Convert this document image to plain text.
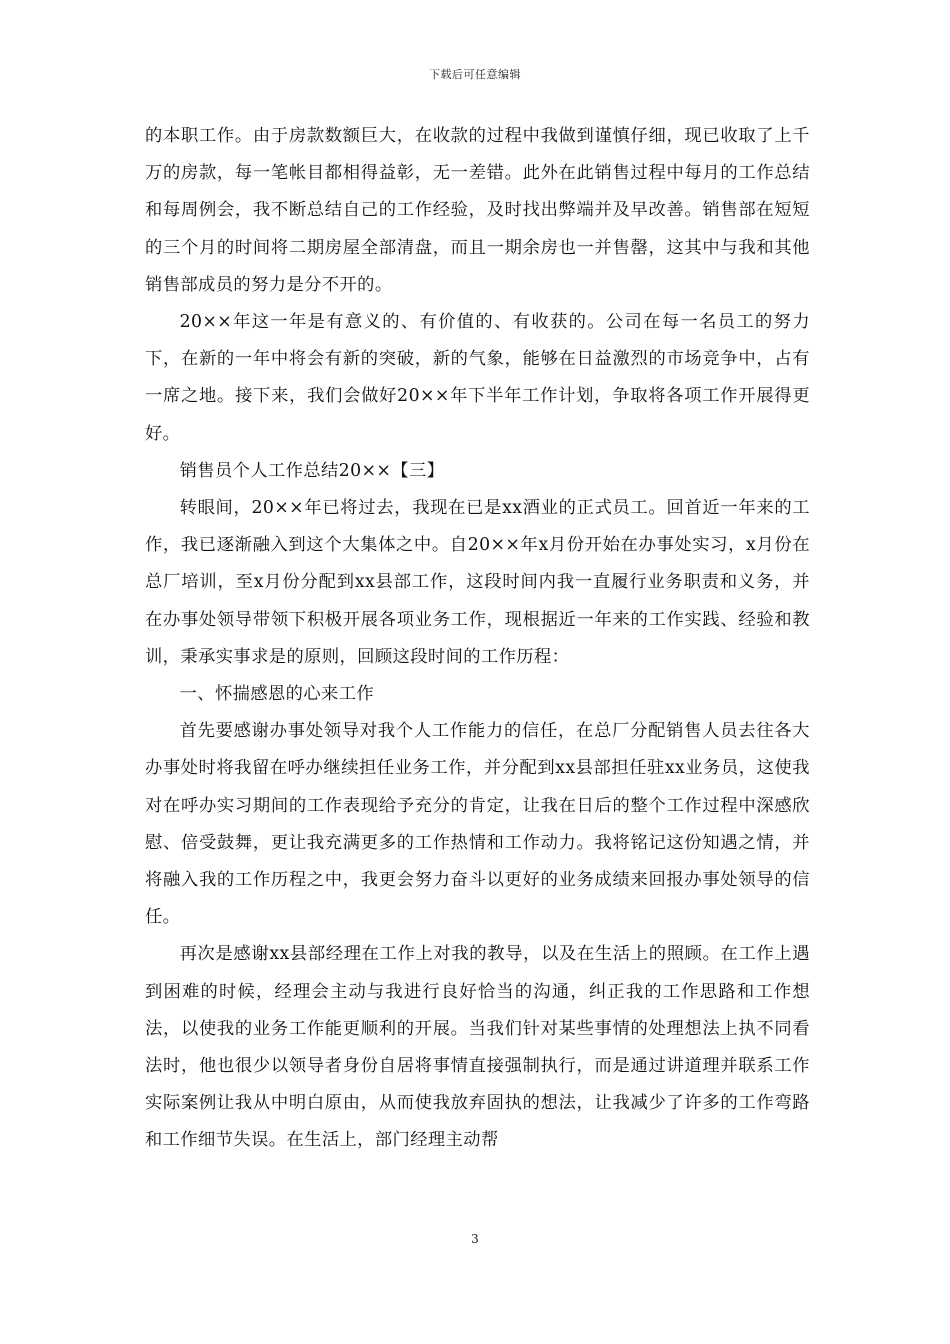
下载后可任意编辑

的本职工作。由于房款数额巨大，在收款的过程中我做到谨慎仔细，现已收取了上千万的房款，每一笔帐目都相得益彰，无一差错。此外在此销售过程中每月的工作总结和每周例会，我不断总结自己的工作经验，及时找出弊端并及早改善。销售部在短短的三个月的时间将二期房屋全部清盘，而且一期余房也一并售罄，这其中与我和其他销售部成员的努力是分不开的。

20××年这一年是有意义的、有价值的、有收获的。公司在每一名员工的努力下，在新的一年中将会有新的突破，新的气象，能够在日益激烈的市场竞争中，占有一席之地。接下来，我们会做好20××年下半年工作计划，争取将各项工作开展得更好。

销售员个人工作总结20××【三】

转眼间，20××年已将过去，我现在已是xx酒业的正式员工。回首近一年来的工作，我已逐渐融入到这个大集体之中。自20××年x月份开始在办事处实习，x月份在总厂培训，至x月份分配到xx县部工作，这段时间内我一直履行业务职责和义务，并在办事处领导带领下积极开展各项业务工作，现根据近一年来的工作实践、经验和教训，秉承实事求是的原则，回顾这段时间的工作历程：

一、怀揣感恩的心来工作

首先要感谢办事处领导对我个人工作能力的信任，在总厂分配销售人员去往各大办事处时将我留在呼办继续担任业务工作，并分配到xx县部担任驻xx业务员，这使我对在呼办实习期间的工作表现给予充分的肯定，让我在日后的整个工作过程中深感欣慰、倍受鼓舞，更让我充满更多的工作热情和工作动力。我将铭记这份知遇之情，并将融入我的工作历程之中，我更会努力奋斗以更好的业务成绩来回报办事处领导的信任。

再次是感谢xx县部经理在工作上对我的教导，以及在生活上的照顾。在工作上遇到困难的时候，经理会主动与我进行良好恰当的沟通，纠正我的工作思路和工作想法，以使我的业务工作能更顺利的开展。当我们针对某些事情的处理想法上执不同看法时，他也很少以领导者身份自居将事情直接强制执行，而是通过讲道理并联系工作实际案例让我从中明白原由，从而使我放弃固执的想法，让我减少了许多的工作弯路和工作细节失误。在生活上，部门经理主动帮

3
